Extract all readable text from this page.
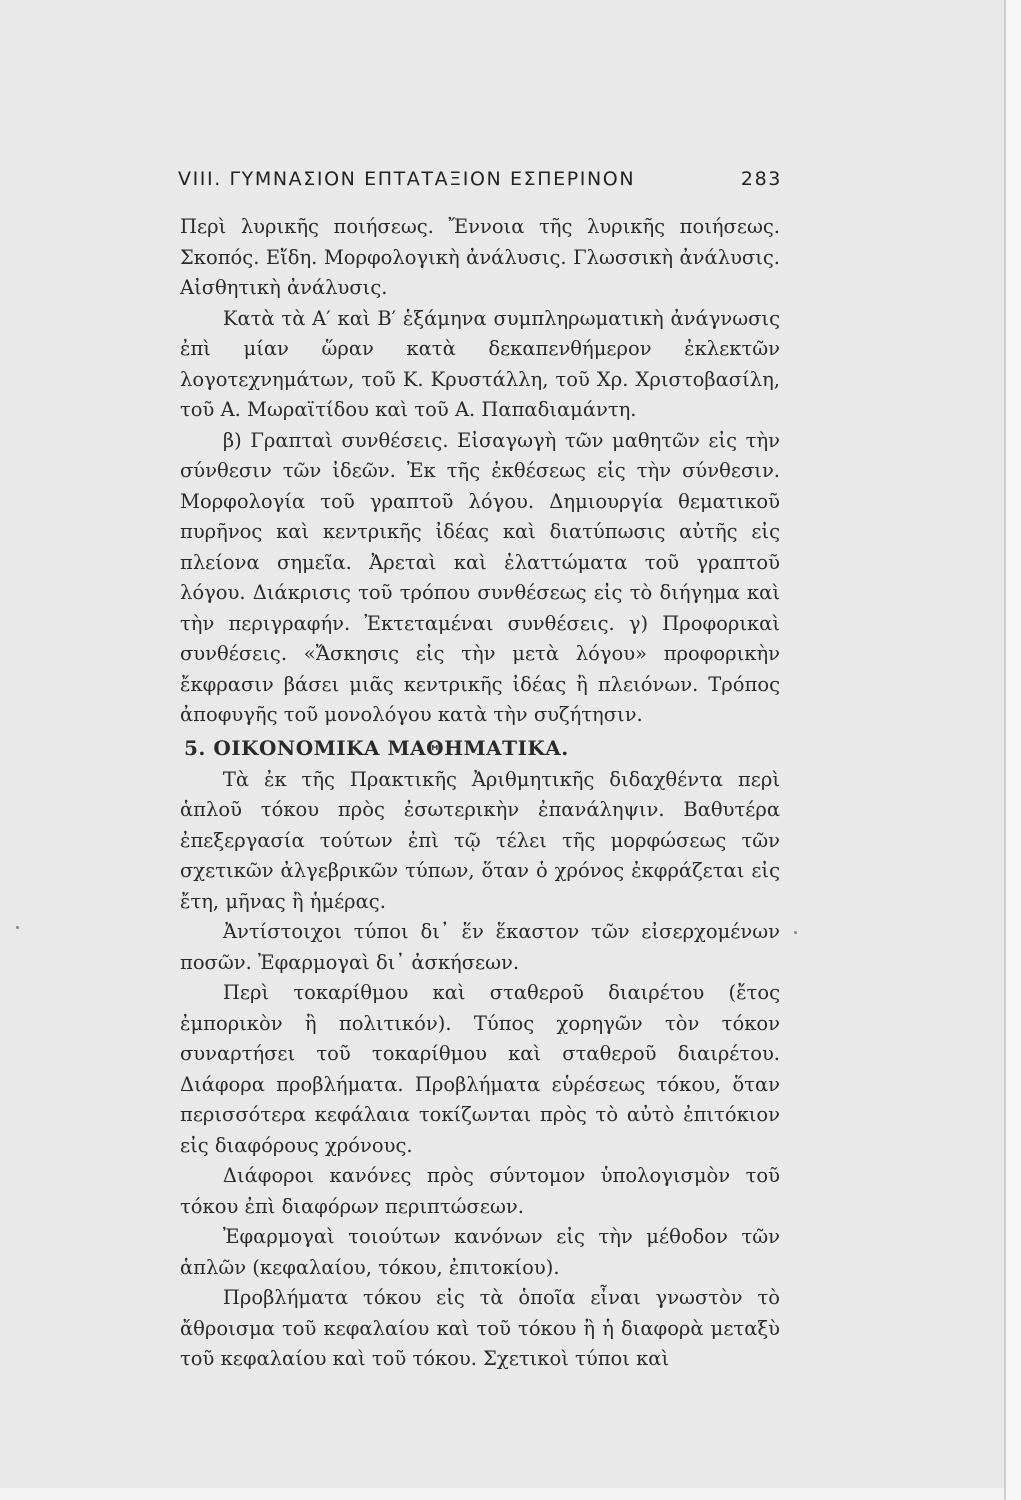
VIII. ΓΥΜΝΑΣΙΟΝ ΕΠΤΑΤΑΞΙΟΝ ΕΣΠΕΡΙΝΟΝ	283

Περὶ λυρικῆς ποιήσεως. Ἔννοια τῆς λυρικῆς ποιήσεως. Σκοπός. Εἴδη. Μορφολογικὴ ἀνάλυσις. Γλωσσικὴ ἀνάλυσις. Αἰσθητικὴ ἀνάλυσις.

Κατὰ τὰ Α′ καὶ Β′ ἑξάμηνα συμπληρωματικὴ ἀνάγνωσις ἐπὶ μίαν ὥραν κατὰ δεκαπενθήμερον ἐκλεκτῶν λογοτεχνημάτων, τοῦ Κ. Κρυστάλλη, τοῦ Χρ. Χριστοβασίλη, τοῦ Α. Μωραϊτίδου καὶ τοῦ Α. Παπαδιαμάντη.

β) Γραπταὶ συνθέσεις. Εἰσαγωγὴ τῶν μαθητῶν εἰς τὴν σύνθεσιν τῶν ἰδεῶν. Ἐκ τῆς ἐκθέσεως εἰς τὴν σύνθεσιν. Μορφολογία τοῦ γραπτοῦ λόγου. Δημιουργία θεματικοῦ πυρῆνος καὶ κεντρικῆς ἰδέας καὶ διατύπωσις αὐτῆς εἰς πλείονα σημεῖα. Ἀρεταὶ καὶ ἐλαττώματα τοῦ γραπτοῦ λόγου. Διάκρισις τοῦ τρόπου συνθέσεως εἰς τὸ διήγημα καὶ τὴν περιγραφήν. Ἐκτεταμέναι συνθέσεις. γ) Προφορικαὶ συνθέσεις. «Ἄσκησις εἰς τὴν μετὰ λόγου» προφορικὴν ἔκφρασιν βάσει μιᾶς κεντρικῆς ἰδέας ἢ πλειόνων. Τρόπος ἀποφυγῆς τοῦ μονολόγου κατὰ τὴν συζήτησιν.

5. ΟΙΚΟΝΟΜΙΚΑ ΜΑΘΗΜΑΤΙΚΑ.

Τὰ ἐκ τῆς Πρακτικῆς Ἀριθμητικῆς διδαχθέντα περὶ ἁπλοῦ τόκου πρὸς ἐσωτερικὴν ἐπανάληψιν. Βαθυτέρα ἐπεξεργασία τούτων ἐπὶ τῷ τέλει τῆς μορφώσεως τῶν σχετικῶν ἀλγεβρικῶν τύπων, ὅταν ὁ χρόνος ἐκφράζεται εἰς ἔτη, μῆνας ἢ ἡμέρας.

Ἀντίστοιχοι τύποι δι᾽ ἕν ἕκαστον τῶν εἰσερχομένων ποσῶν. Ἐφαρμογαὶ δι᾽ ἀσκήσεων.

Περὶ τοκαρίθμου καὶ σταθεροῦ διαιρέτου (ἔτος ἐμπορικὸν ἢ πολιτικόν). Τύπος χορηγῶν τὸν τόκον συναρτήσει τοῦ τοκαρίθμου καὶ σταθεροῦ διαιρέτου. Διάφορα προβλήματα. Προβλήματα εὑρέσεως τόκου, ὅταν περισσότερα κεφάλαια τοκίζωνται πρὸς τὸ αὐτὸ ἐπιτόκιον εἰς διαφόρους χρόνους.

Διάφοροι κανόνες πρὸς σύντομον ὑπολογισμὸν τοῦ τόκου ἐπὶ διαφόρων περιπτώσεων.

Ἐφαρμογαὶ τοιούτων κανόνων εἰς τὴν μέθοδον τῶν ἁπλῶν (κεφαλαίου, τόκου, ἐπιτοκίου).

Προβλήματα τόκου εἰς τὰ ὁποῖα εἶναι γνωστὸν τὸ ἄθροισμα τοῦ κεφαλαίου καὶ τοῦ τόκου ἢ ἡ διαφορὰ μεταξὺ τοῦ κεφαλαίου καὶ τοῦ τόκου. Σχετικοὶ τύποι καὶ
